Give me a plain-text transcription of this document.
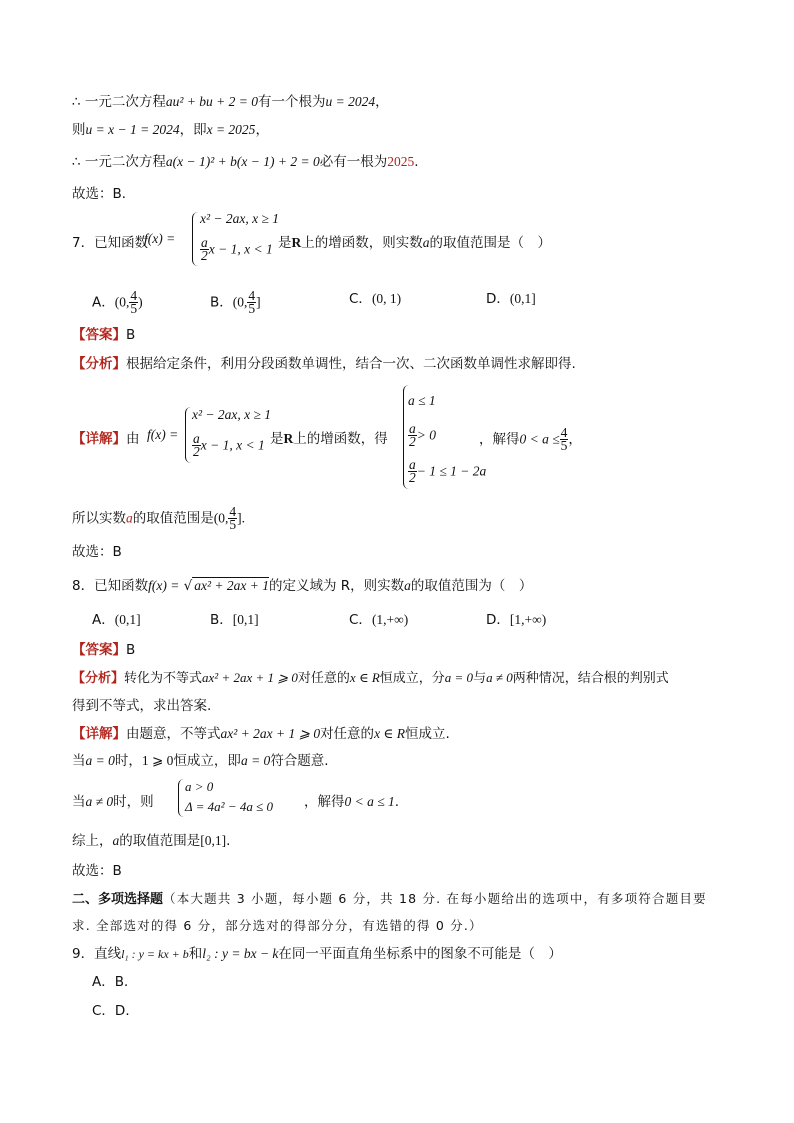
∴ 一元二次方程au² + bu + 2 = 0有一个根为u = 2024，
则u = x − 1 = 2024，即x = 2025，
∴ 一元二次方程a(x − 1)² + b(x − 1) + 2 = 0必有一根为2025.
故选：B．
7．已知函数
f(x) =
x² − 2ax, x ≥ 1
$\frac{a}{2}$ x − 1, x < 1 是R上的增函数，则实数a的取值范围是（　）
A．(0, $\frac{4}{5}$ )	B．(0, $\frac{4}{5}$ ]	C．(0, 1)	D．(0,1]
【答案】B
【分析】根据给定条件，利用分段函数单调性，结合一次、二次函数单调性求解即得.
【详解】由 f(x) =
x² − 2ax, x ≥ 1
$\frac{a}{2}$ x − 1, x < 1 是R上的增函数，得
a ≤ 1
$\frac{a}{2} > 0$
$\frac{a}{2} - 1 \le 1 - 2a$
，解得$0 < a \le \frac{4}{5}$ ，
所以实数a的取值范围是(0, $\frac{4}{5}$ ].
故选：B
8．已知函数f(x) = √ ax² + 2ax + 1的定义域为 R，则实数a的取值范围为（　）
A．(0,1]	B．[0,1]	C．(1,+∞)	D．[1,+∞)
【答案】B
【分析】转化为不等式ax² + 2ax + 1 ⩾ 0对任意的x ∈ R恒成立，分a = 0与a ≠ 0两种情况，结合根的判别式
得到不等式，求出答案.
【详解】由题意，不等式ax² + 2ax + 1 ⩾ 0对任意的x ∈ R恒成立.
当a = 0时，1 ⩾ 0恒成立，即a = 0符合题意.
当a ≠ 0时，则
a > 0
Δ = 4a² − 4a ≤ 0 ，解得0 < a ≤ 1.
综上，a的取值范围是[0,1].
故选：B
二、多项选择题（本大题共 3 小题，每小题 6 分，共 18 分. 在每小题给出的选项中，有多项符合题目要
求. 全部选对的得 6 分，部分选对的得部分分，有选错的得 0 分.）
9．直线l₁ : y = kx + b和l₂ : y = bx − k在同一平面直角坐标系中的图象不可能是（　）
A．B．
C．D．
